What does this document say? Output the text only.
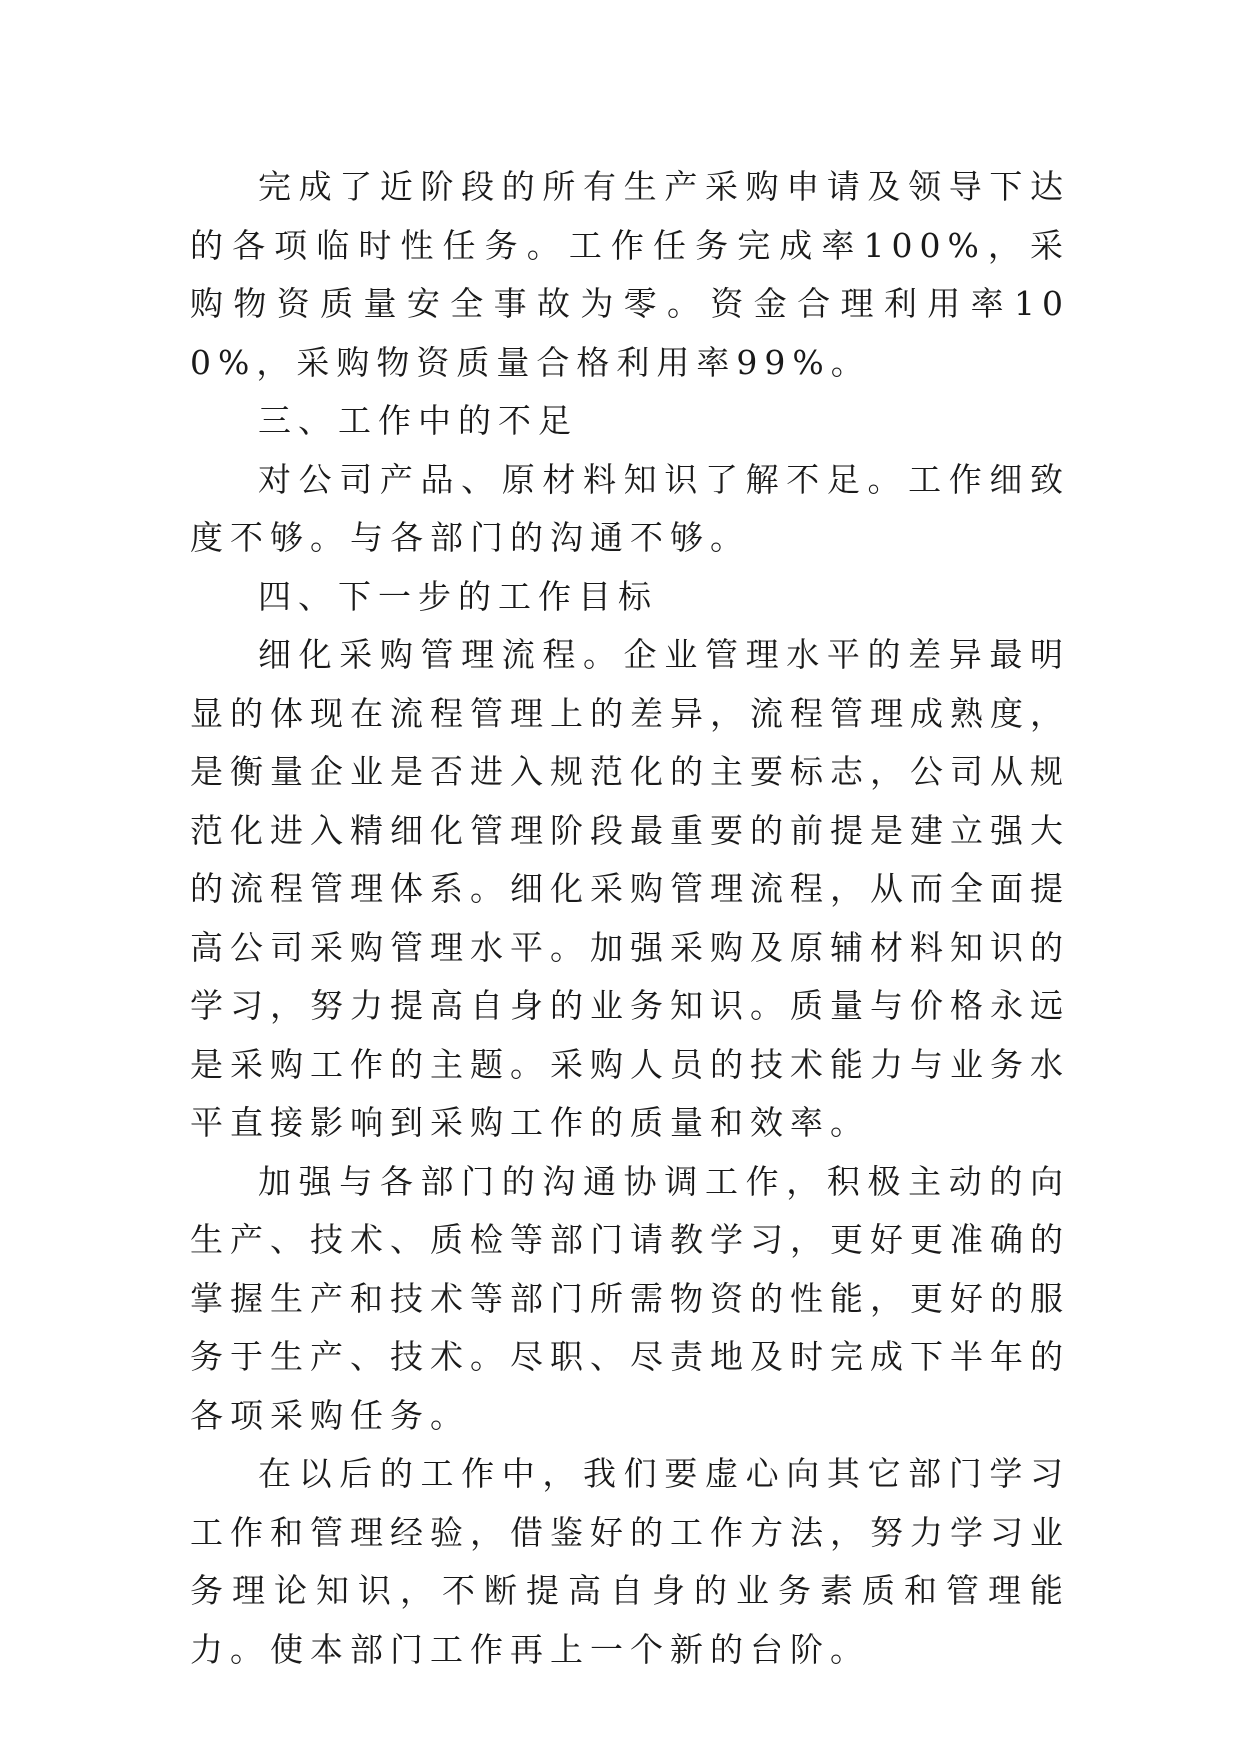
完成了近阶段的所有生产采购申请及领导下达的各项临时性任务。工作任务完成率100%，采购物资质量安全事故为零。资金合理利用率100%，采购物资质量合格利用率99%。

三、工作中的不足

对公司产品、原材料知识了解不足。工作细致度不够。与各部门的沟通不够。

四、下一步的工作目标

细化采购管理流程。企业管理水平的差异最明显的体现在流程管理上的差异，流程管理成熟度，是衡量企业是否进入规范化的主要标志，公司从规范化进入精细化管理阶段最重要的前提是建立强大的流程管理体系。细化采购管理流程，从而全面提高公司采购管理水平。加强采购及原辅材料知识的学习，努力提高自身的业务知识。质量与价格永远是采购工作的主题。采购人员的技术能力与业务水平直接影响到采购工作的质量和效率。

加强与各部门的沟通协调工作，积极主动的向生产、技术、质检等部门请教学习，更好更准确的掌握生产和技术等部门所需物资的性能，更好的服务于生产、技术。尽职、尽责地及时完成下半年的各项采购任务。

在以后的工作中，我们要虚心向其它部门学习工作和管理经验，借鉴好的工作方法，努力学习业务理论知识，不断提高自身的业务素质和管理能力。使本部门工作再上一个新的台阶。
